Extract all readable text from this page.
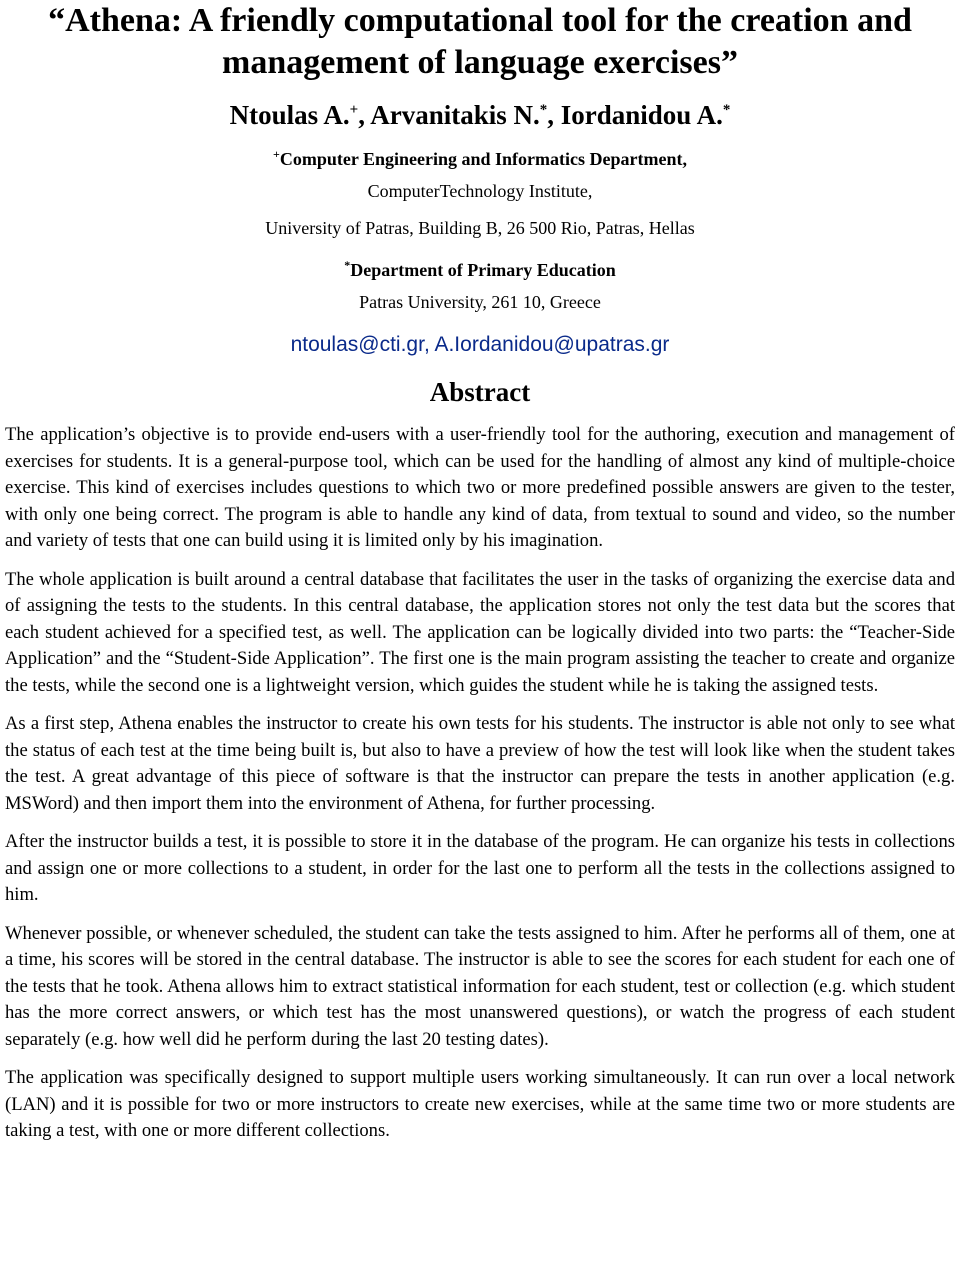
“Athena: A friendly computational tool for the creation and management of language exercises”
Ntoulas A.+, Arvanitakis N.*, Iordanidou A.*
+Computer Engineering and Informatics Department,
ComputerTechnology Institute,
University of Patras, Building B, 26 500 Rio, Patras, Hellas
*Department of Primary Education
Patras University, 261 10, Greece
ntoulas@cti.gr, A.Iordanidou@upatras.gr
Abstract

The application’s objective is to provide end-users with a user-friendly tool for the authoring, execution and management of exercises for students. It is a general-purpose tool, which can be used for the handling of almost any kind of multiple-choice exercise. This kind of exercises includes questions to which two or more predefined possible answers are given to the tester, with only one being correct. The program is able to handle any kind of data, from textual to sound and video, so the number and variety of tests that one can build using it is limited only by his imagination.

The whole application is built around a central database that facilitates the user in the tasks of organizing the exercise data and of assigning the tests to the students. In this central database, the application stores not only the test data but the scores that each student achieved for a specified test, as well. The application can be logically divided into two parts: the “Teacher-Side Application” and the “Student-Side Application”. The first one is the main program assisting the teacher to create and organize the tests, while the second one is a lightweight version, which guides the student while he is taking the assigned tests.

As a first step, Athena enables the instructor to create his own tests for his students. The instructor is able not only to see what the status of each test at the time being built is, but also to have a preview of how the test will look like when the student takes the test. A great advantage of this piece of software is that the instructor can prepare the tests in another application (e.g. MSWord) and then import them into the environment of Athena, for further processing.

After the instructor builds a test, it is possible to store it in the database of the program. He can organize his tests in collections and assign one or more collections to a student, in order for the last one to perform all the tests in the collections assigned to him.

Whenever possible, or whenever scheduled, the student can take the tests assigned to him. After he performs all of them, one at a time, his scores will be stored in the central database. The instructor is able to see the scores for each student for each one of the tests that he took. Athena allows him to extract statistical information for each student, test or collection (e.g. which student has the more correct answers, or which test has the most unanswered questions), or watch the progress of each student separately (e.g. how well did he perform during the last 20 testing dates).

The application was specifically designed to support multiple users working simultaneously. It can run over a local network (LAN) and it is possible for two or more instructors to create new exercises, while at the same time two or more students are taking a test, with one or more different collections.
